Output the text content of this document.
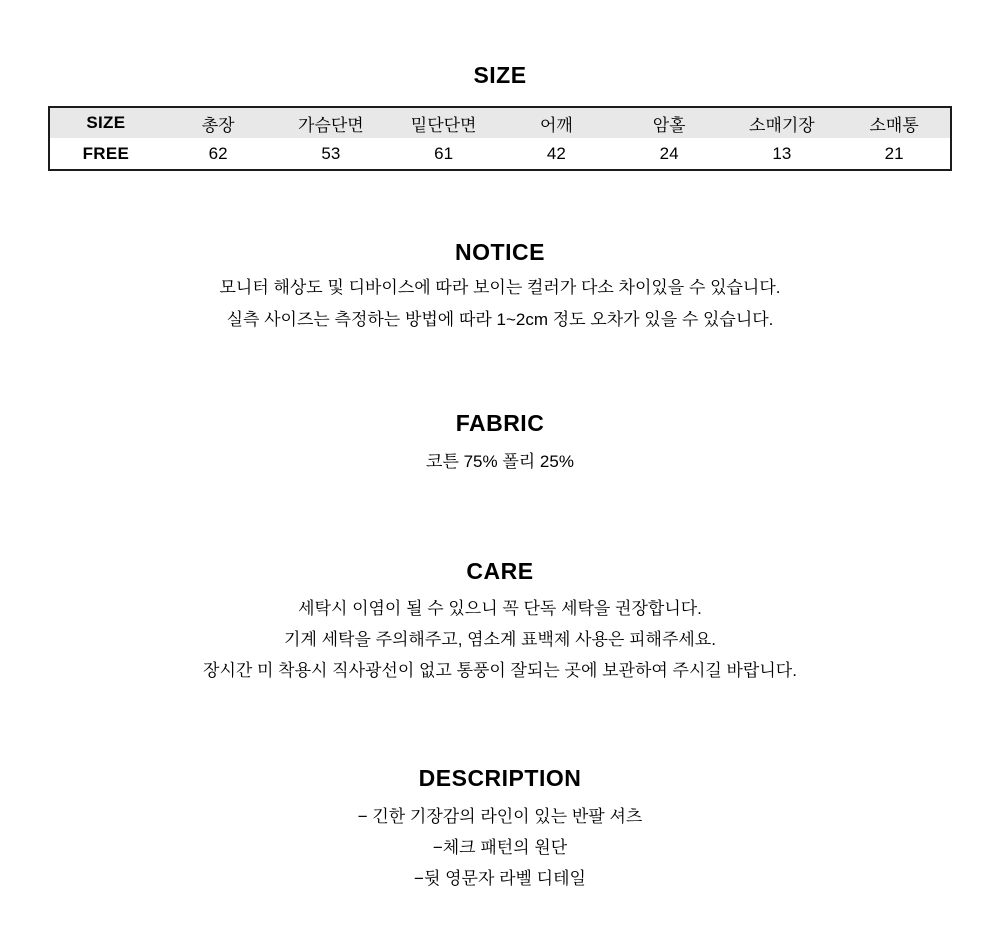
SIZE
SIZE	총장	가슴단면	밑단단면	어깨	암홀	소매기장	소매통
FREE	62	53	61	42	24	13	21
NOTICE

모니터 해상도 및 디바이스에 따라 보이는 컬러가 다소 차이있을 수 있습니다.

실측 사이즈는 측정하는 방법에 따라 1~2cm 정도 오차가 있을 수 있습니다.

FABRIC

코튼 75% 폴리 25%

CARE

세탁시 이염이 될 수 있으니 꼭 단독 세탁을 권장합니다.

기계 세탁을 주의해주고, 염소계 표백제 사용은 피해주세요.

장시간 미 착용시 직사광선이 없고 통풍이 잘되는 곳에 보관하여 주시길 바랍니다.

DESCRIPTION

− 긴한 기장감의 라인이 있는 반팔 셔츠

−체크 패턴의 원단

−뒷 영문자 라벨 디테일
